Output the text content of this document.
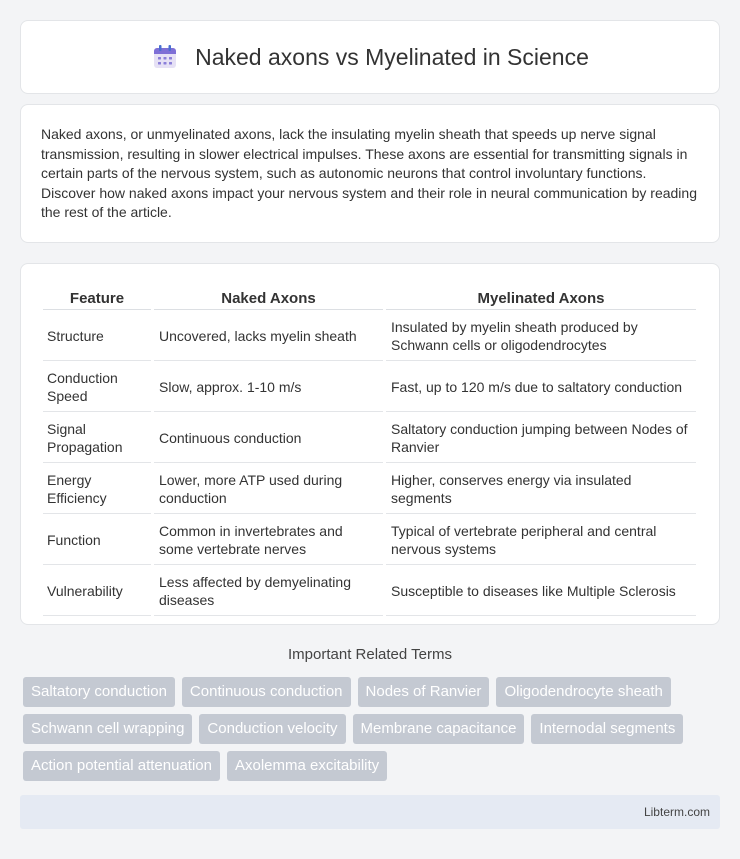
Naked axons vs Myelinated in Science

Naked axons, or unmyelinated axons, lack the insulating myelin sheath that speeds up nerve signal transmission, resulting in slower electrical impulses. These axons are essential for transmitting signals in certain parts of the nervous system, such as autonomic neurons that control involuntary functions. Discover how naked axons impact your nervous system and their role in neural communication by reading the rest of the article.

Feature	Naked Axons	Myelinated Axons
Structure	Uncovered, lacks myelin sheath	Insulated by myelin sheath produced by Schwann cells or oligodendrocytes
Conduction Speed	Slow, approx. 1-10 m/s	Fast, up to 120 m/s due to saltatory conduction
Signal Propagation	Continuous conduction	Saltatory conduction jumping between Nodes of Ranvier
Energy Efficiency	Lower, more ATP used during conduction	Higher, conserves energy via insulated segments
Function	Common in invertebrates and some vertebrate nerves	Typical of vertebrate peripheral and central nervous systems
Vulnerability	Less affected by demyelinating diseases	Susceptible to diseases like Multiple Sclerosis
Important Related Terms
Saltatory conduction	Continuous conduction	Nodes of Ranvier	Oligodendrocyte sheath
Schwann cell wrapping	Conduction velocity	Membrane capacitance	Internodal segments
Action potential attenuation	Axolemma excitability
Libterm.com
